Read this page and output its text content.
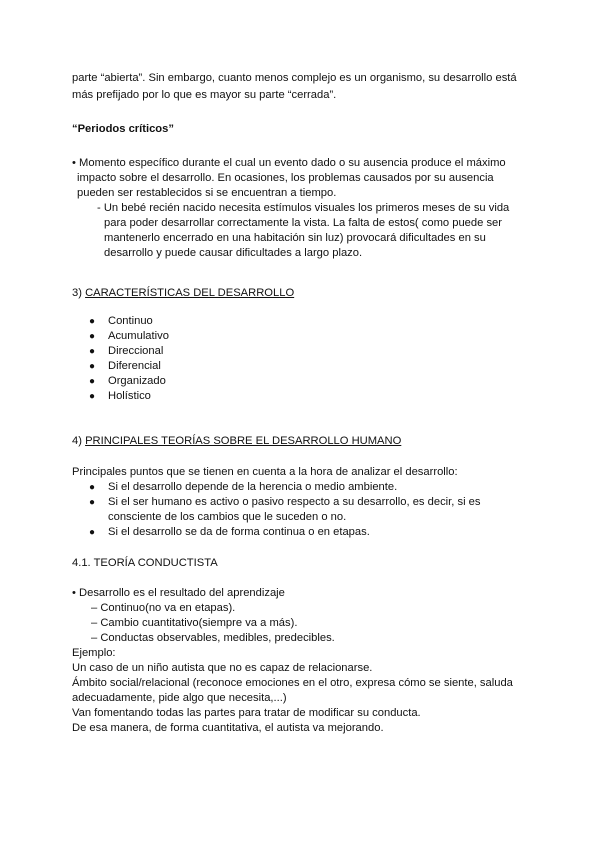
parte “abierta”. Sin embargo, cuanto menos complejo es un organismo, su desarrollo está
más prefijado por lo que es mayor su parte “cerrada”.
“Periodos críticos”
• Momento específico durante el cual un evento dado o su ausencia produce el máximo
impacto sobre el desarrollo. En ocasiones, los problemas causados por su ausencia
pueden ser restablecidos si se encuentran a tiempo.
- Un bebé recién nacido necesita estímulos visuales los primeros meses de su vida
para poder desarrollar correctamente la vista. La falta de estos( como puede ser
mantenerlo encerrado en una habitación sin luz) provocará dificultades en su
desarrollo y puede causar dificultades a largo plazo.
3) CARACTERÍSTICAS DEL DESARROLLO
● Continuo
● Acumulativo
● Direccional
● Diferencial
● Organizado
● Holístico
4) PRINCIPALES TEORÍAS SOBRE EL DESARROLLO HUMANO
Principales puntos que se tienen en cuenta a la hora de analizar el desarrollo:
● Si el desarrollo depende de la herencia o medio ambiente.
● Si el ser humano es activo o pasivo respecto a su desarrollo, es decir, si es
consciente de los cambios que le suceden o no.
● Si el desarrollo se da de forma continua o en etapas.
4.1. TEORÍA CONDUCTISTA
• Desarrollo es el resultado del aprendizaje
– Continuo(no va en etapas).
– Cambio cuantitativo(siempre va a más).
– Conductas observables, medibles, predecibles.
Ejemplo:
Un caso de un niño autista que no es capaz de relacionarse.
Ámbito social/relacional (reconoce emociones en el otro, expresa cómo se siente, saluda
adecuadamente, pide algo que necesita,...)
Van fomentando todas las partes para tratar de modificar su conducta.
De esa manera, de forma cuantitativa, el autista va mejorando.
